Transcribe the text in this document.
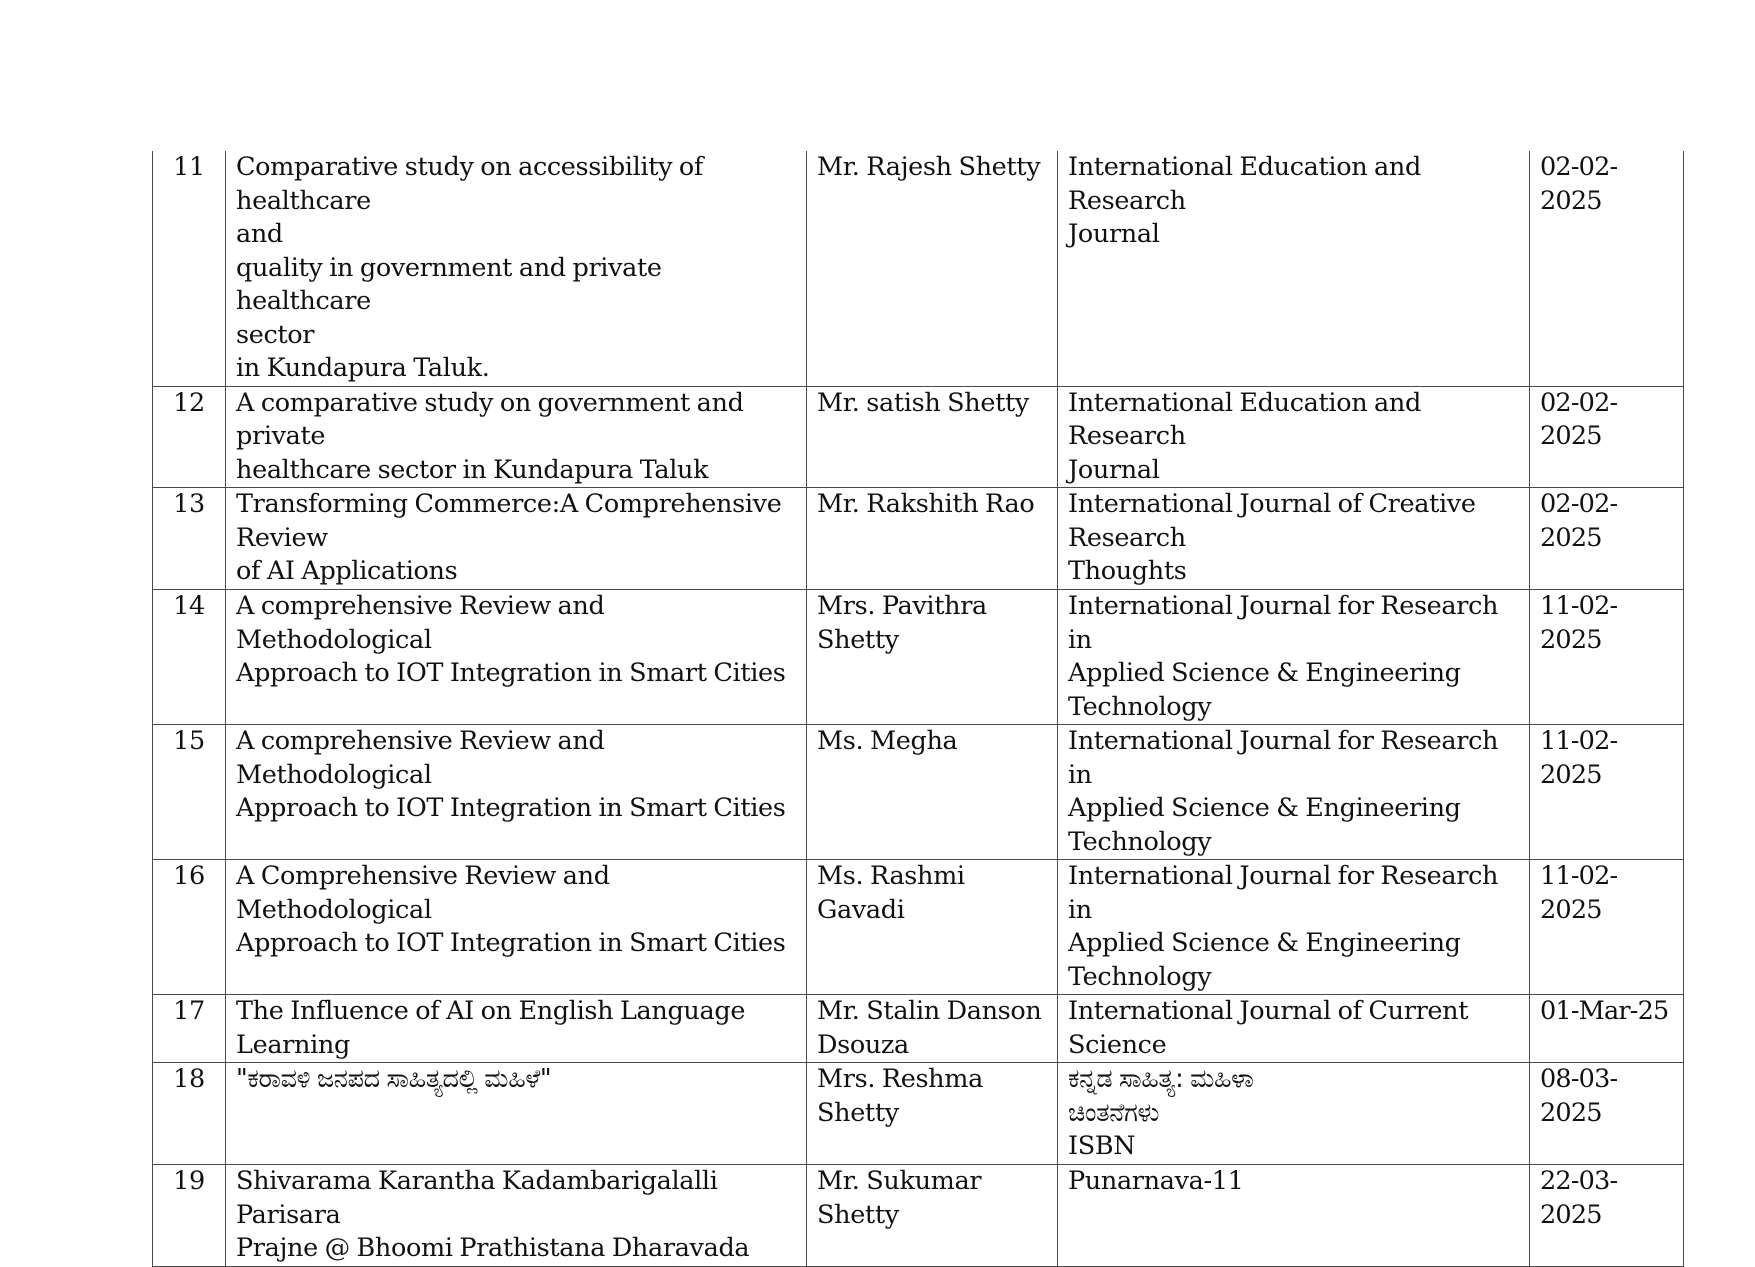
11	Comparative study on accessibility of healthcare
and
quality in government and private healthcare
sector
in Kundapura Taluk.	Mr. Rajesh Shetty	International Education and Research
Journal	02-02-2025
12	A comparative study on government and private
healthcare sector in Kundapura Taluk	Mr. satish Shetty	International Education and Research
Journal	02-02-2025
13	Transforming Commerce:A Comprehensive
Review
of AI Applications	Mr. Rakshith Rao	International Journal of Creative
Research
Thoughts	02-02-2025
14	A comprehensive Review and Methodological
Approach to IOT Integration in Smart Cities	Mrs. Pavithra
Shetty	International Journal for Research in
Applied Science & Engineering
Technology	11-02-2025
15	A comprehensive Review and Methodological
Approach to IOT Integration in Smart Cities	Ms. Megha	International Journal for Research in
Applied Science & Engineering
Technology	11-02-2025
16	A Comprehensive Review and Methodological
Approach to IOT Integration in Smart Cities	Ms. Rashmi Gavadi	International Journal for Research in
Applied Science & Engineering
Technology	11-02-2025
17	The Influence of AI on English Language
Learning	Mr. Stalin Danson
Dsouza	International Journal of Current
Science	01-Mar-25
18	"ಕರಾವಳಿ ಜನಪದ ಸಾಹಿತ್ಯದಲ್ಲಿ ಮಹಿಳೆ"	Mrs. Reshma
Shetty	ಕನ್ನಡ ಸಾಹಿತ್ಯ: ಮಹಿಳಾ
ಚಿಂತನೆಗಳು
ISBN	08-03-2025
19	Shivarama Karantha Kadambarigalalli Parisara
Prajne @ Bhoomi Prathistana Dharavada	Mr. Sukumar
Shetty	Punarnava-11	22-03-2025
